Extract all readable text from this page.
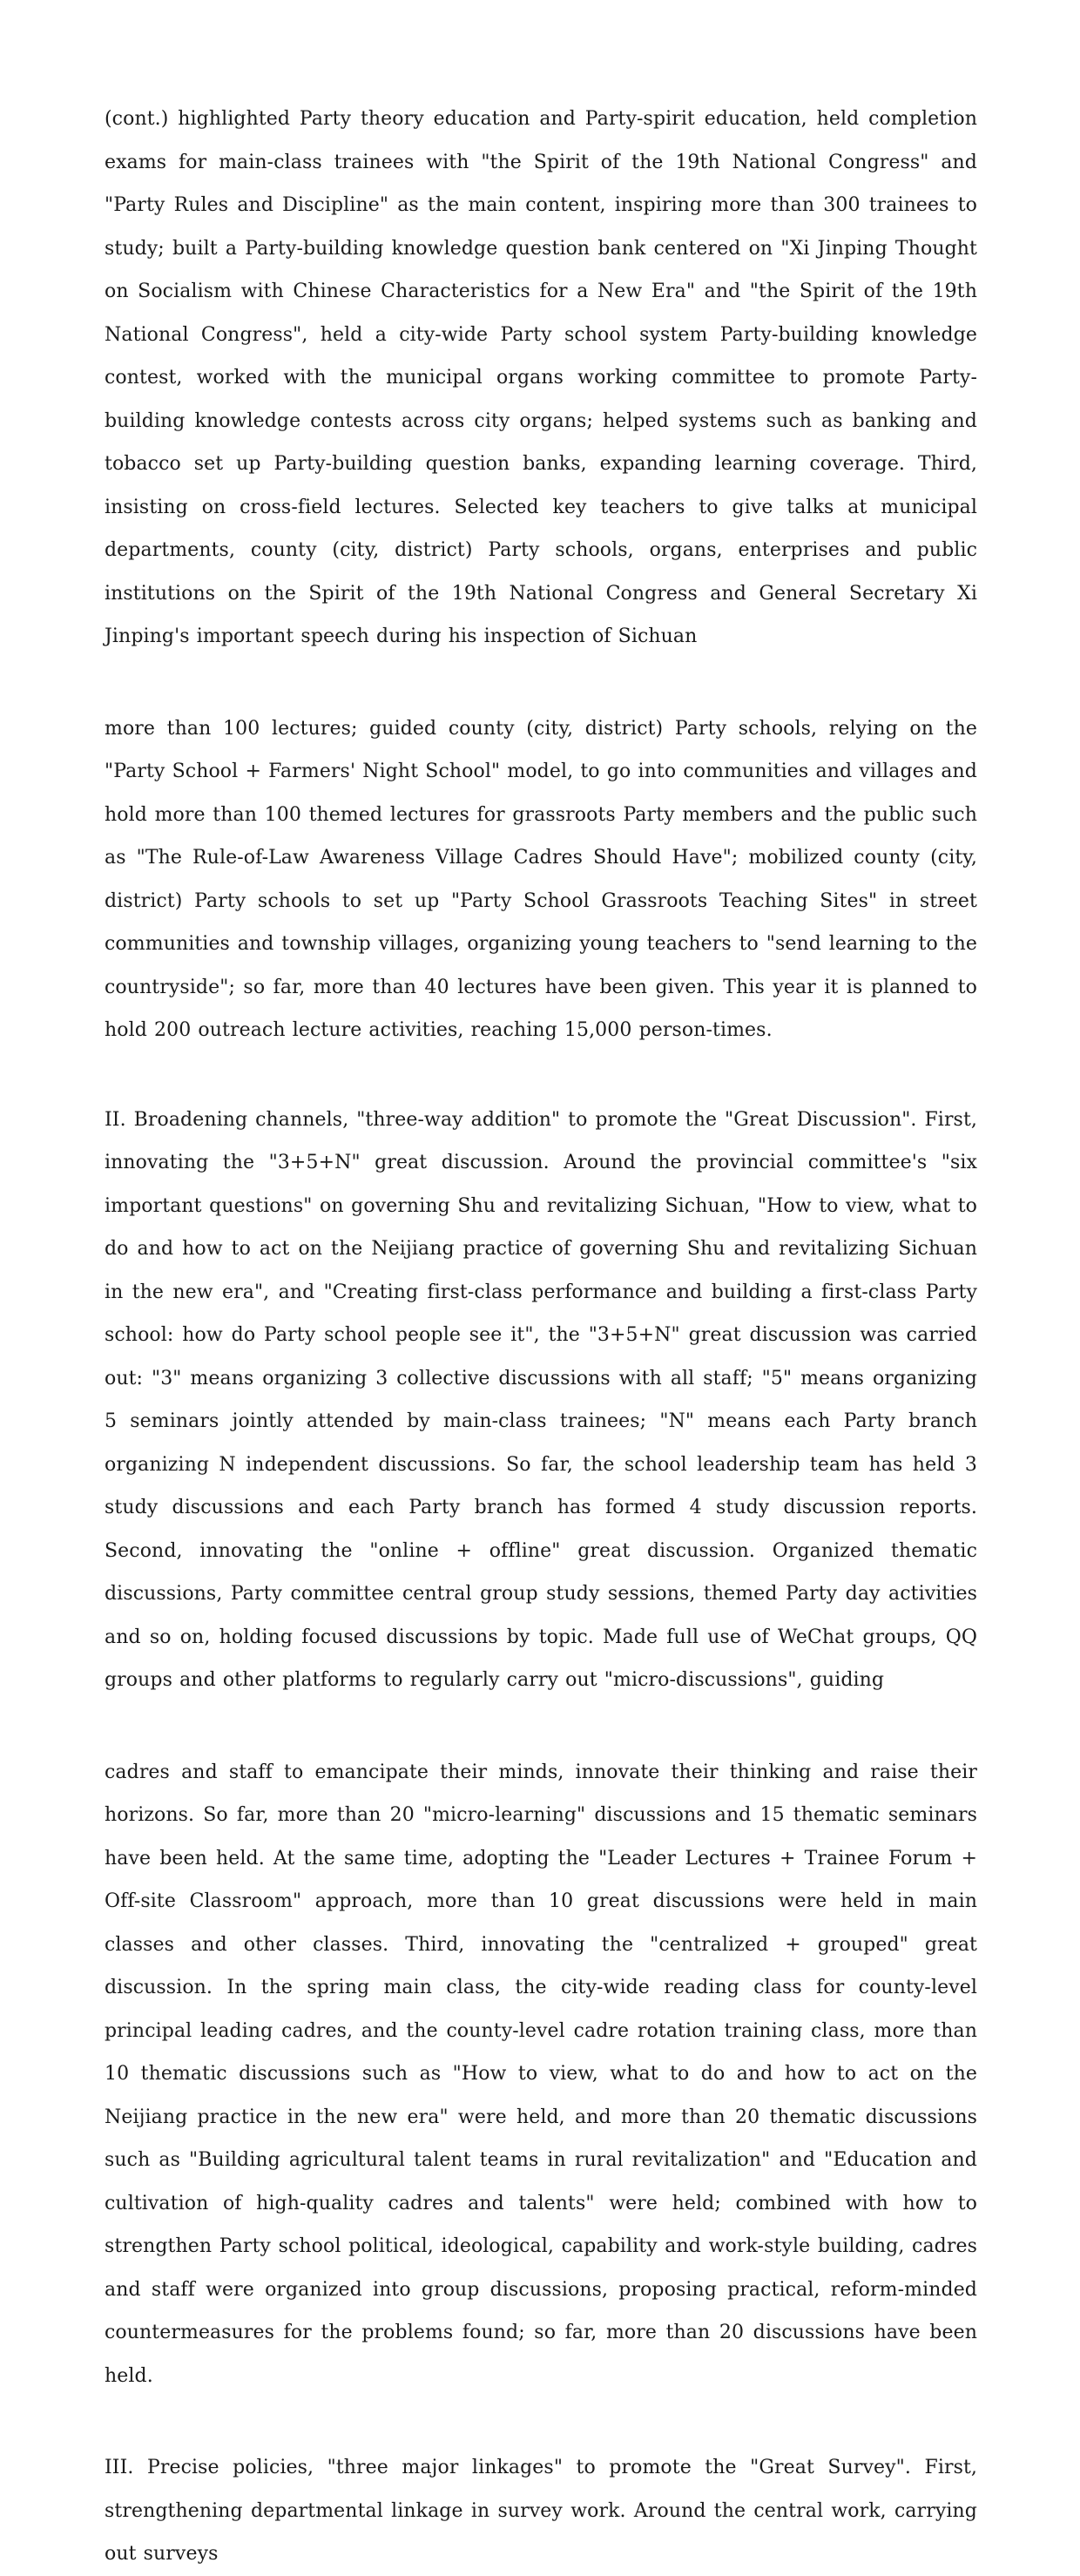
(cont.) highlighted Party theory education and Party-spirit education, held completion exams for main-class trainees with "the Spirit of the 19th National Congress" and "Party Rules and Discipline" as the main content, inspiring more than 300 trainees to study; built a Party-building knowledge question bank centered on "Xi Jinping Thought on Socialism with Chinese Characteristics for a New Era" and "the Spirit of the 19th National Congress", held a city-wide Party school system Party-building knowledge contest, worked with the municipal organs working committee to promote Party-building knowledge contests across city organs; helped systems such as banking and tobacco set up Party-building question banks, expanding learning coverage. Third, insisting on cross-field lectures. Selected key teachers to give talks at municipal departments, county (city, district) Party schools, organs, enterprises and public institutions on the Spirit of the 19th National Congress and General Secretary Xi Jinping's important speech during his inspection of Sichuan

more than 100 lectures; guided county (city, district) Party schools, relying on the "Party School + Farmers' Night School" model, to go into communities and villages and hold more than 100 themed lectures for grassroots Party members and the public such as "The Rule-of-Law Awareness Village Cadres Should Have"; mobilized county (city, district) Party schools to set up "Party School Grassroots Teaching Sites" in street communities and township villages, organizing young teachers to "send learning to the countryside"; so far, more than 40 lectures have been given. This year it is planned to hold 200 outreach lecture activities, reaching 15,000 person-times.

II. Broadening channels, "three-way addition" to promote the "Great Discussion". First, innovating the "3+5+N" great discussion. Around the provincial committee's "six important questions" on governing Shu and revitalizing Sichuan, "How to view, what to do and how to act on the Neijiang practice of governing Shu and revitalizing Sichuan in the new era", and "Creating first-class performance and building a first-class Party school: how do Party school people see it", the "3+5+N" great discussion was carried out: "3" means organizing 3 collective discussions with all staff; "5" means organizing 5 seminars jointly attended by main-class trainees; "N" means each Party branch organizing N independent discussions. So far, the school leadership team has held 3 study discussions and each Party branch has formed 4 study discussion reports. Second, innovating the "online + offline" great discussion. Organized thematic discussions, Party committee central group study sessions, themed Party day activities and so on, holding focused discussions by topic. Made full use of WeChat groups, QQ groups and other platforms to regularly carry out "micro-discussions", guiding

cadres and staff to emancipate their minds, innovate their thinking and raise their horizons. So far, more than 20 "micro-learning" discussions and 15 thematic seminars have been held. At the same time, adopting the "Leader Lectures + Trainee Forum + Off-site Classroom" approach, more than 10 great discussions were held in main classes and other classes. Third, innovating the "centralized + grouped" great discussion. In the spring main class, the city-wide reading class for county-level principal leading cadres, and the county-level cadre rotation training class, more than 10 thematic discussions such as "How to view, what to do and how to act on the Neijiang practice in the new era" were held, and more than 20 thematic discussions such as "Building agricultural talent teams in rural revitalization" and "Education and cultivation of high-quality cadres and talents" were held; combined with how to strengthen Party school political, ideological, capability and work-style building, cadres and staff were organized into group discussions, proposing practical, reform-minded countermeasures for the problems found; so far, more than 20 discussions have been held.

III. Precise policies, "three major linkages" to promote the "Great Survey". First, strengthening departmental linkage in survey work. Around the central work, carrying out surveys
